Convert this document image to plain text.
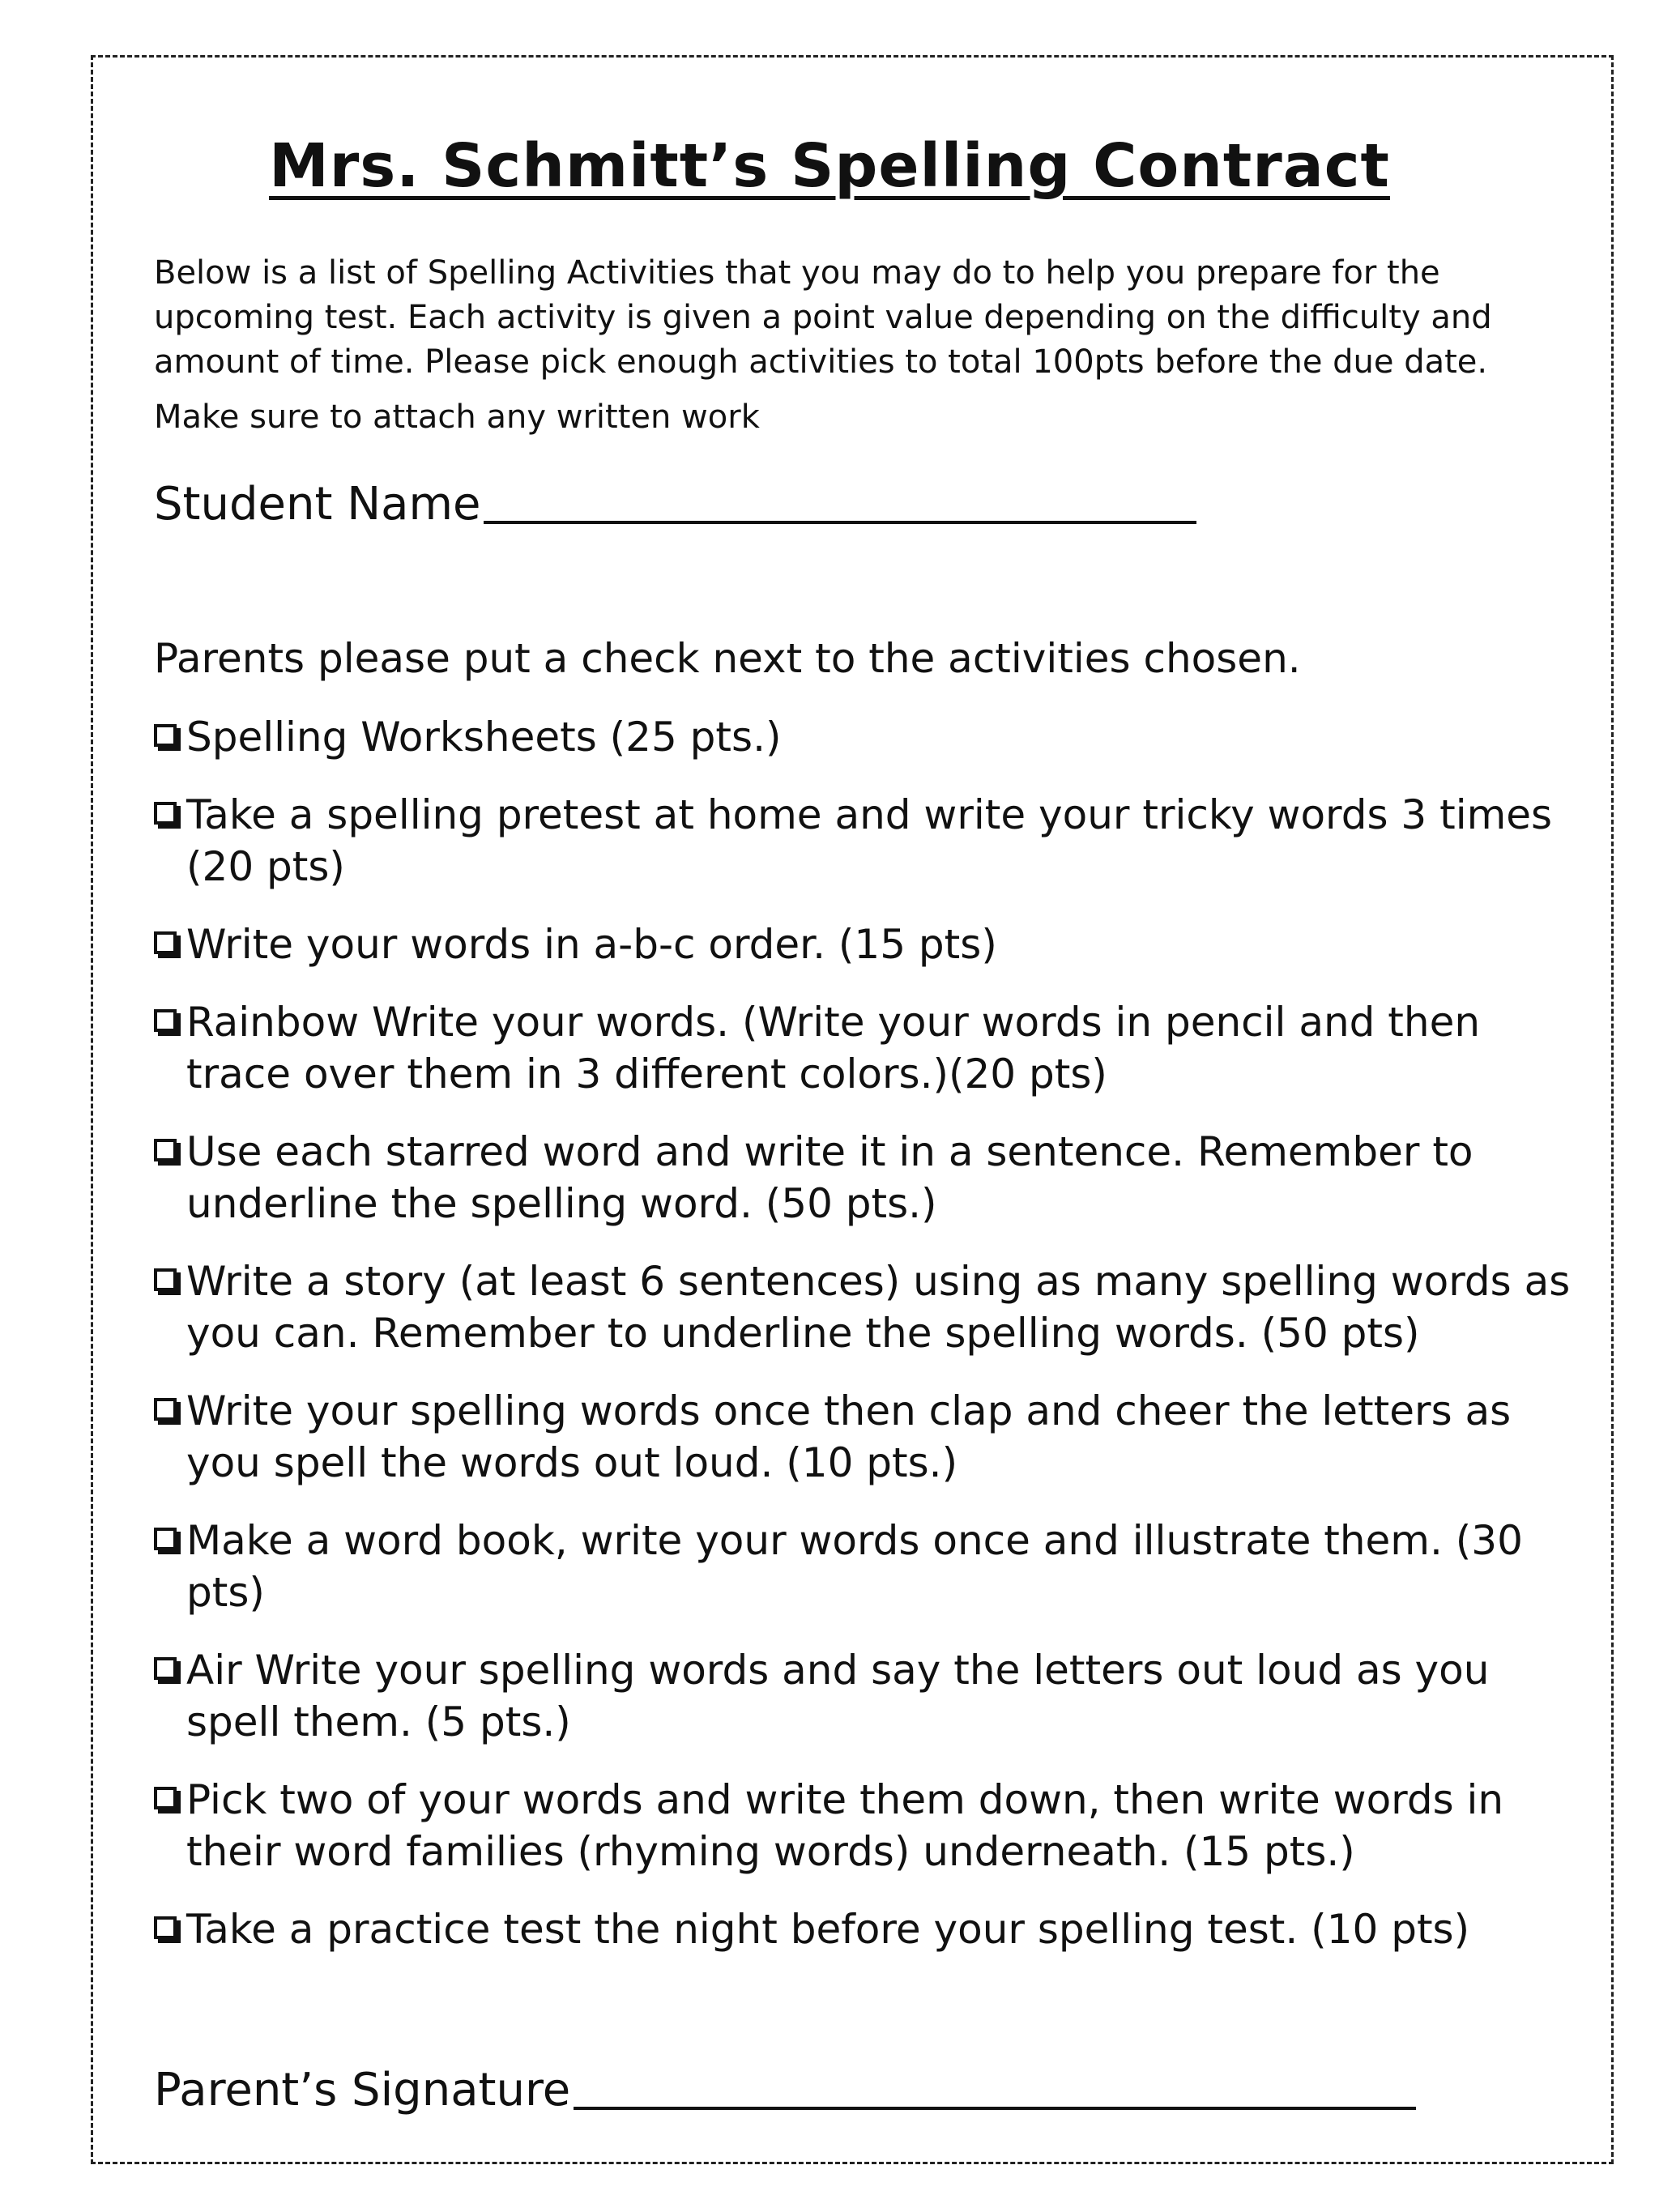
Mrs. Schmitt’s Spelling Contract

Below is a list of Spelling Activities that you may do to help you prepare for the upcoming test. Each activity is given a point value depending on the difficulty and amount of time. Please pick enough activities to total 100pts before the due date.

Make sure to attach any written work

Student Name

Parents please put a check next to the activities chosen.

Spelling Worksheets (25 pts.)
Take a spelling pretest at home and write your tricky words 3 times (20 pts)
Write your words in a-b-c order. (15 pts)
Rainbow Write your words. (Write your words in pencil and then trace over them in 3 different colors.)(20 pts)
Use each starred word and write it in a sentence. Remember to underline the spelling word. (50 pts.)
Write a story (at least 6 sentences) using as many spelling words as you can. Remember to underline the spelling words. (50 pts)
Write your spelling words once then clap and cheer the letters as you spell the words out loud. (10 pts.)
Make a word book, write your words once and illustrate them. (30 pts)
Air Write your spelling words and say the letters out loud as you spell them. (5 pts.)
Pick two of your words and write them down, then write words in their word families (rhyming words) underneath. (15 pts.)
Take a practice test the night before your spelling test. (10 pts)
Parent’s Signature
